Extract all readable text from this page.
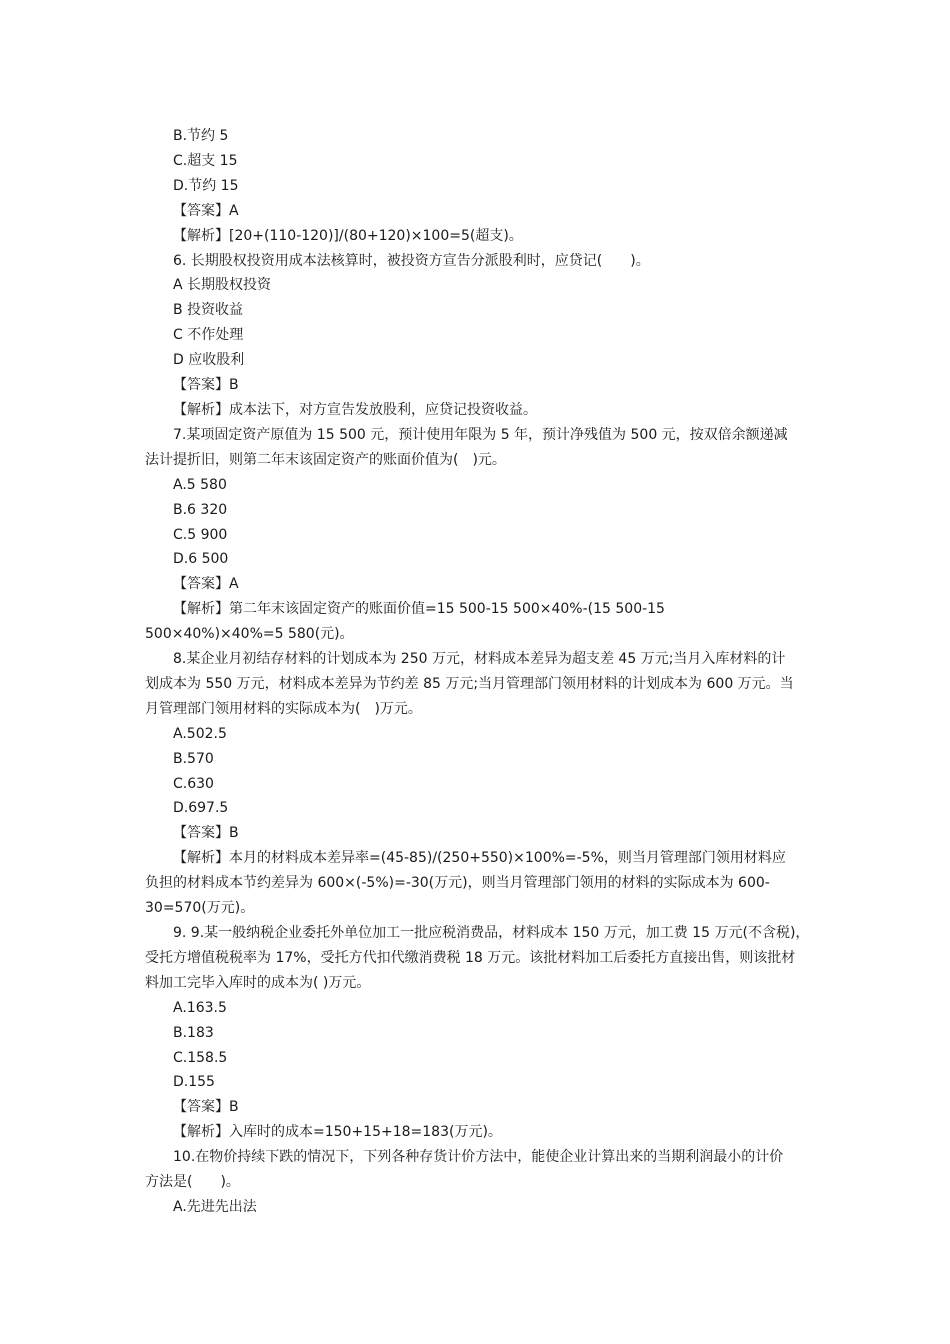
B.节约 5
C.超支 15
D.节约 15
【答案】A
【解析】[20+(110-120)]/(80+120)×100=5(超支)。
6. 长期股权投资用成本法核算时，被投资方宣告分派股利时，应贷记(　　)。
A 长期股权投资
B 投资收益
C 不作处理
D 应收股利
【答案】B
【解析】成本法下，对方宣告发放股利，应贷记投资收益。
7.某项固定资产原值为 15 500 元，预计使用年限为 5 年，预计净残值为 500 元，按双倍余额递减
法计提折旧，则第二年末该固定资产的账面价值为(　)元。
A.5 580
B.6 320
C.5 900
D.6 500
【答案】A
【解析】第二年末该固定资产的账面价值=15 500-15 500×40%-(15 500-15
500×40%)×40%=5 580(元)。
8.某企业月初结存材料的计划成本为 250 万元，材料成本差异为超支差 45 万元;当月入库材料的计
划成本为 550 万元，材料成本差异为节约差 85 万元;当月管理部门领用材料的计划成本为 600 万元。当
月管理部门领用材料的实际成本为(　)万元。
A.502.5
B.570
C.630
D.697.5
【答案】B
【解析】本月的材料成本差异率=(45-85)/(250+550)×100%=-5%，则当月管理部门领用材料应
负担的材料成本节约差异为 600×(-5%)=-30(万元)，则当月管理部门领用的材料的实际成本为 600-
30=570(万元)。
9. 9.某一般纳税企业委托外单位加工一批应税消费品，材料成本 150 万元，加工费 15 万元(不含税)，
受托方增值税税率为 17%，受托方代扣代缴消费税 18 万元。该批材料加工后委托方直接出售，则该批材
料加工完毕入库时的成本为( )万元。
A.163.5
B.183
C.158.5
D.155
【答案】B
【解析】入库时的成本=150+15+18=183(万元)。
10.在物价持续下跌的情况下，下列各种存货计价方法中，能使企业计算出来的当期利润最小的计价
方法是(　　)。
A.先进先出法
